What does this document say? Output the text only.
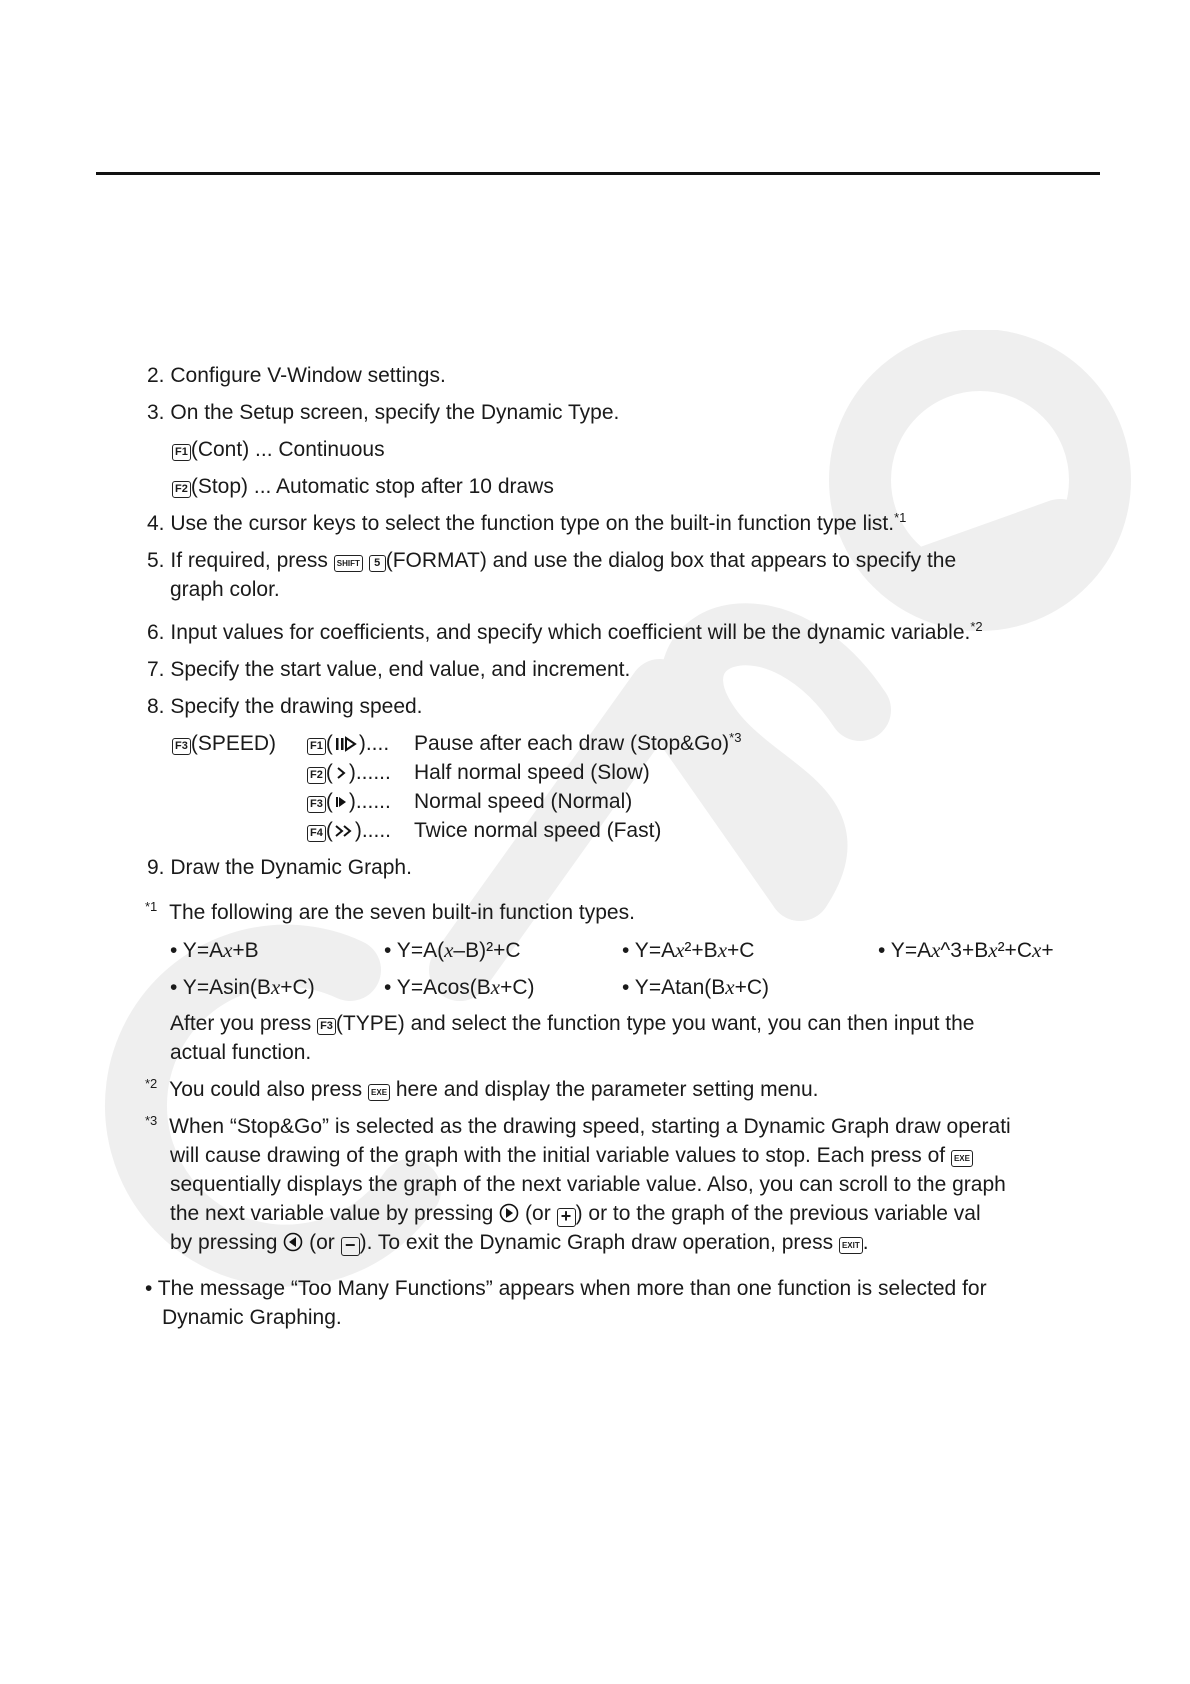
2. Configure V-Window settings.
3. On the Setup screen, specify the Dynamic Type.
F1 (Cont) ... Continuous
F2 (Stop) ... Automatic stop after 10 draws
4. Use the cursor keys to select the function type on the built-in function type list.$^{*1}$
5. If required, press SHIFT 5 (FORMAT) and use the dialog box that appears to specify the
graph color.
6. Input values for coefficients, and specify which coefficient will be the dynamic variable.$^{*2}$
7. Specify the start value, end value, and increment.
8. Specify the drawing speed.
F3 (SPEED)	F1 ( ).... Pause after each draw (Stop&Go)$^{*3}$
F2 ( )...... Half normal speed (Slow)
F3 ( )...... Normal speed (Normal)
F4 ( )..... Twice normal speed (Fast)
9. Draw the Dynamic Graph.
$^{*1}$ The following are the seven built-in function types.
• Y=Ax+B	• Y=A(x–B)²+C	• Y=Ax²+Bx+C	• Y=Ax^3+Bx²+Cx+
• Y=Asin(Bx+C)	• Y=Acos(Bx+C)	• Y=Atan(Bx+C)
After you press F3 (TYPE) and select the function type you want, you can then input the
actual function.
$^{*2}$ You could also press EXE here and display the parameter setting menu.
$^{*3}$ When “Stop&Go” is selected as the drawing speed, starting a Dynamic Graph draw operati
will cause drawing of the graph with the initial variable values to stop. Each press of EXE
sequentially displays the graph of the next variable value. Also, you can scroll to the graph
the next variable value by pressing (or + ) or to the graph of the previous variable val
by pressing (or − ). To exit the Dynamic Graph draw operation, press EXIT .
• The message “Too Many Functions” appears when more than one function is selected for
Dynamic Graphing.
